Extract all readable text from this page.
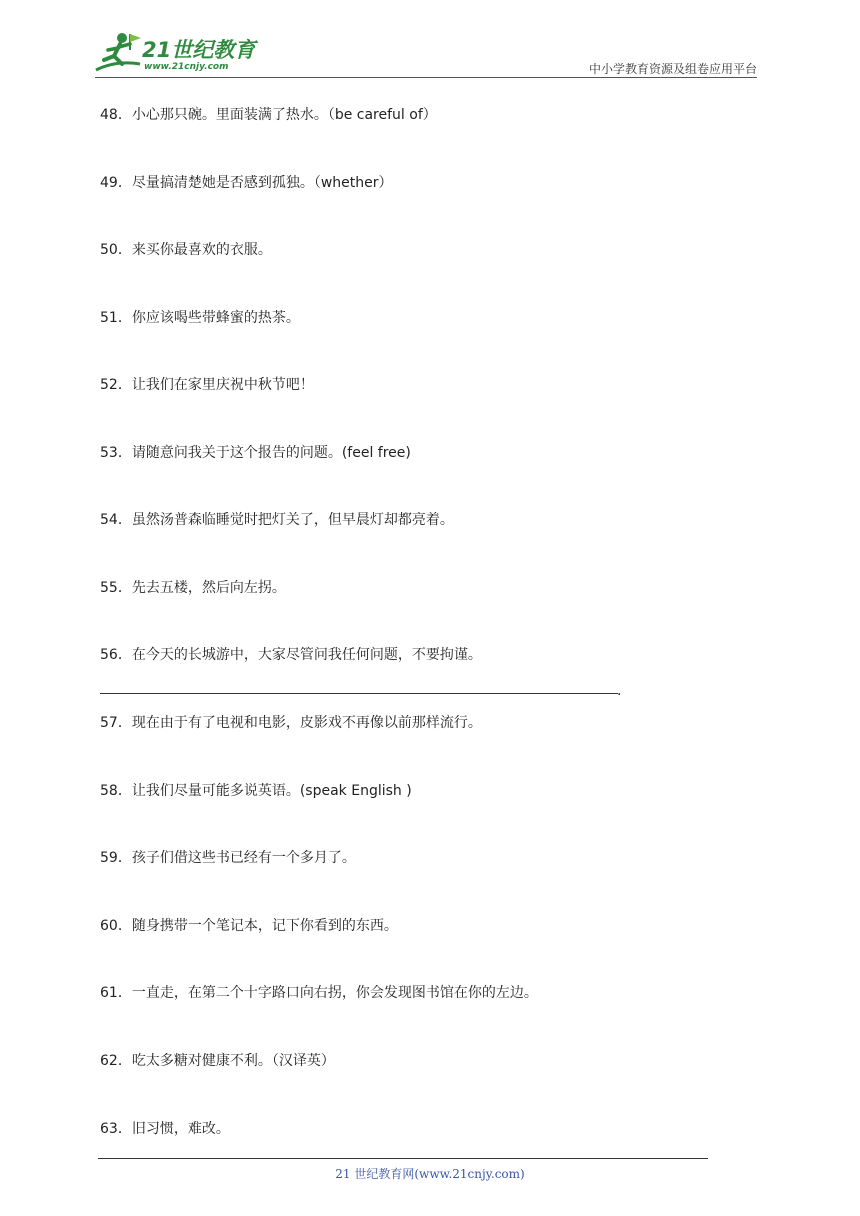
21世纪教育
www.21cnjy.com	中小学教育资源及组卷应用平台
48．小心那只碗。里面装满了热水。（be careful of）
49．尽量搞清楚她是否感到孤独。（whether）
50．来买你最喜欢的衣服。
51．你应该喝些带蜂蜜的热茶。
52．让我们在家里庆祝中秋节吧！
53．请随意问我关于这个报告的问题。(feel free)
54．虽然汤普森临睡觉时把灯关了，但早晨灯却都亮着。
55．先去五楼，然后向左拐。
56．在今天的长城游中，大家尽管问我任何问题，不要拘谨。
57．现在由于有了电视和电影，皮影戏不再像以前那样流行。
58．让我们尽量可能多说英语。(speak English )
59．孩子们借这些书已经有一个多月了。
60．随身携带一个笔记本，记下你看到的东西。
61．一直走，在第二个十字路口向右拐，你会发现图书馆在你的左边。
62．吃太多糖对健康不利。（汉译英）
63．旧习惯，难改。
.
21 世纪教育网(www.21cnjy.com)
